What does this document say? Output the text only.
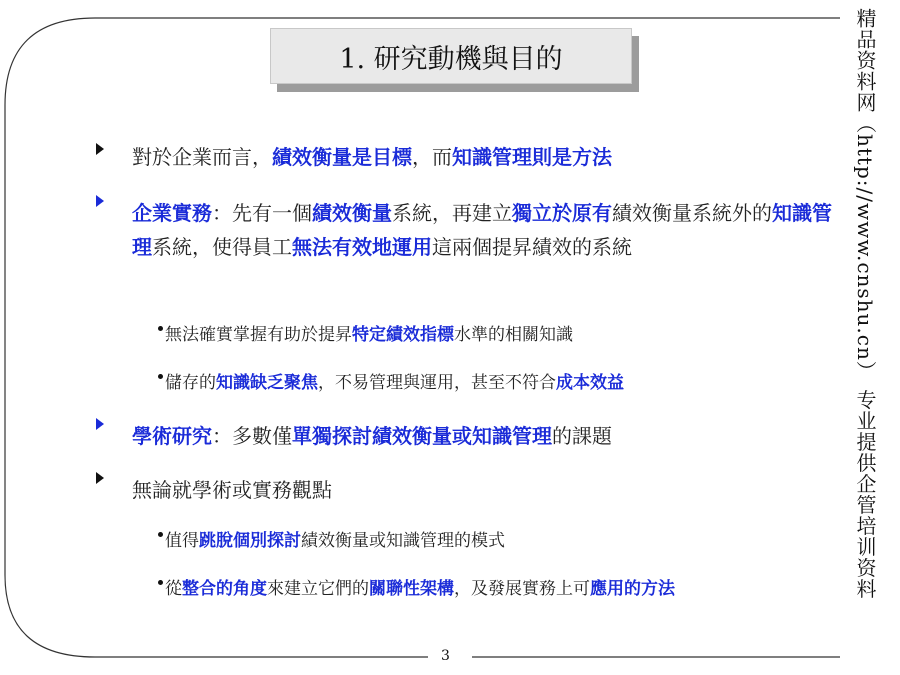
1. 研究動機與目的	精品资料网（http://www.cnshu.cn） 专业提供企管培训资料
對於企業而言，績效衡量是目標，而知識管理則是方法
企業實務：先有一個績效衡量系統，再建立獨立於原有績效衡量系統外的知識管理系統，使得員工無法有效地運用這兩個提昇績效的系統
無法確實掌握有助於提昇特定績效指標水準的相關知識
儲存的知識缺乏聚焦，不易管理與運用，甚至不符合成本效益
學術研究：多數僅單獨探討績效衡量或知識管理的課題
無論就學術或實務觀點
值得跳脫個別探討績效衡量或知識管理的模式
從整合的角度來建立它們的關聯性架構，及發展實務上可應用的方法
3
